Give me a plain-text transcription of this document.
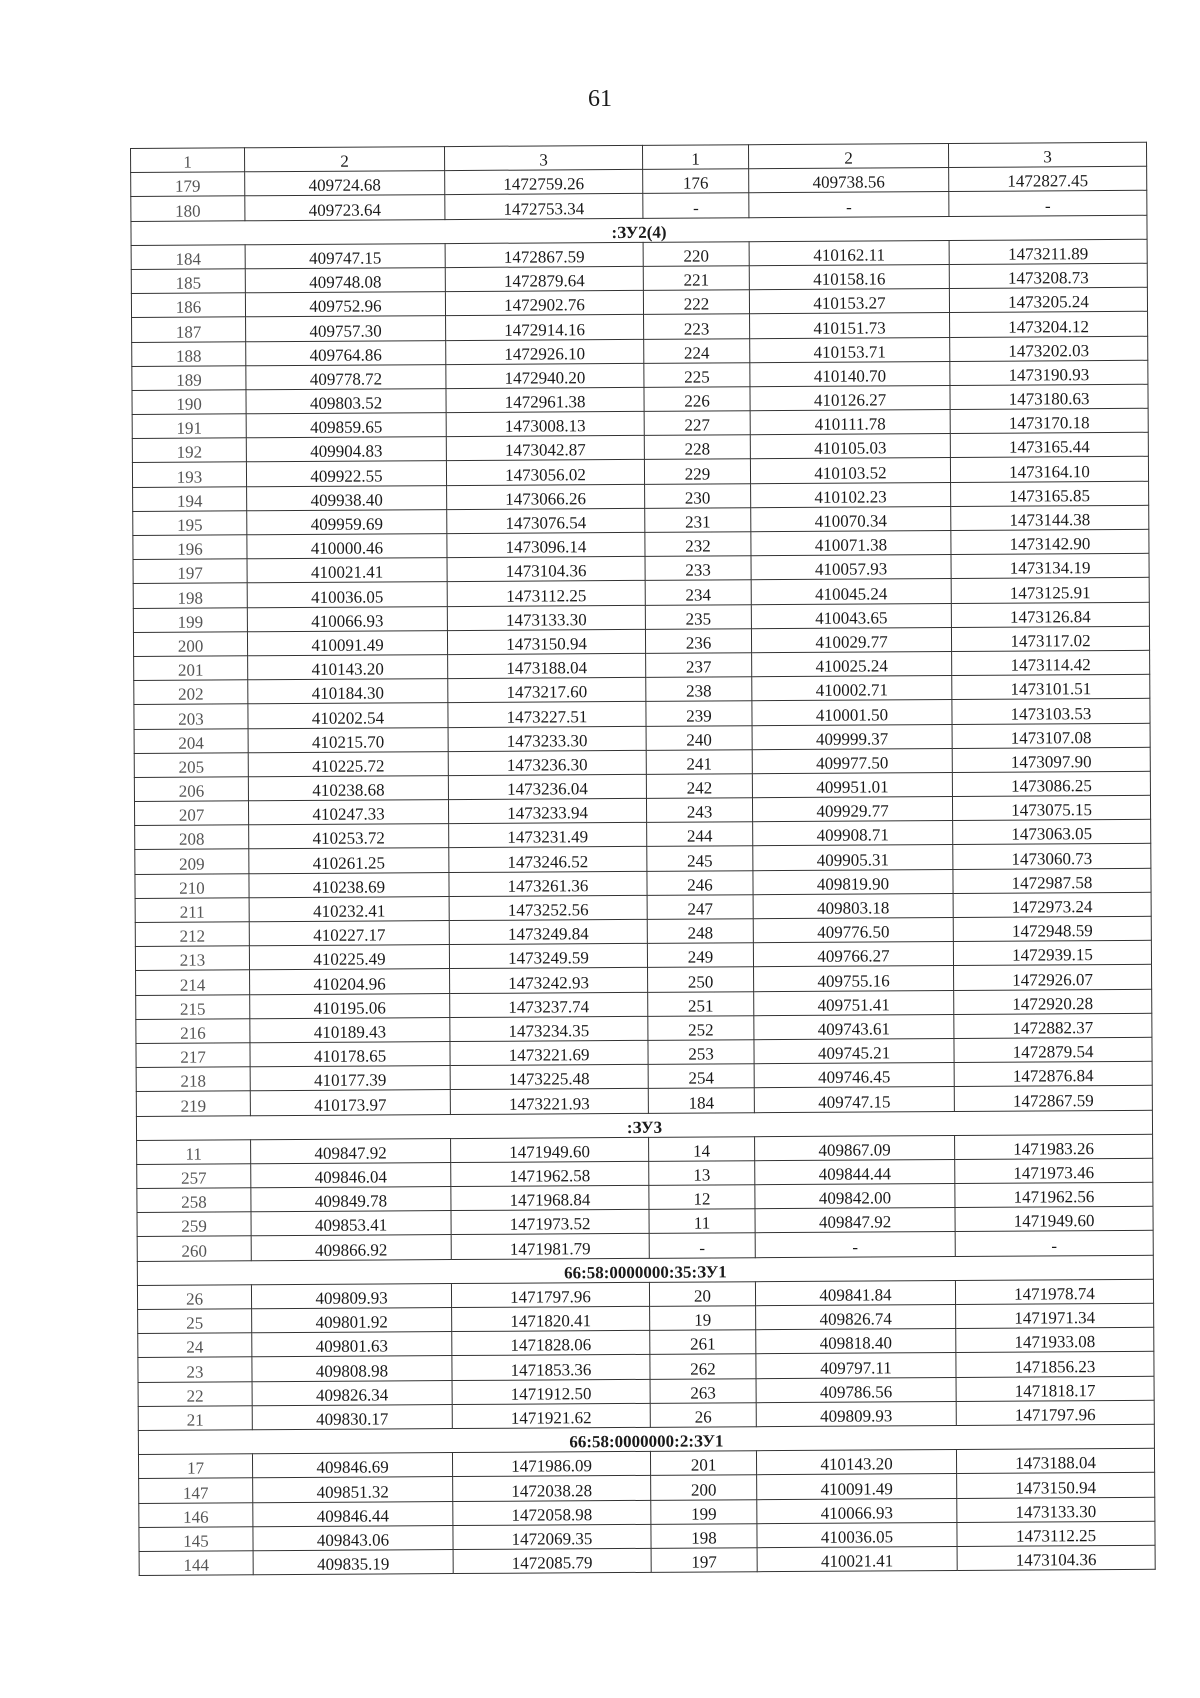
61
1	2	3	1	2	3
179	409724.68	1472759.26	176	409738.56	1472827.45
180	409723.64	1472753.34	-	-	-
:ЗУ2(4)					
184	409747.15	1472867.59	220	410162.11	1473211.89
185	409748.08	1472879.64	221	410158.16	1473208.73
186	409752.96	1472902.76	222	410153.27	1473205.24
187	409757.30	1472914.16	223	410151.73	1473204.12
188	409764.86	1472926.10	224	410153.71	1473202.03
189	409778.72	1472940.20	225	410140.70	1473190.93
190	409803.52	1472961.38	226	410126.27	1473180.63
191	409859.65	1473008.13	227	410111.78	1473170.18
192	409904.83	1473042.87	228	410105.03	1473165.44
193	409922.55	1473056.02	229	410103.52	1473164.10
194	409938.40	1473066.26	230	410102.23	1473165.85
195	409959.69	1473076.54	231	410070.34	1473144.38
196	410000.46	1473096.14	232	410071.38	1473142.90
197	410021.41	1473104.36	233	410057.93	1473134.19
198	410036.05	1473112.25	234	410045.24	1473125.91
199	410066.93	1473133.30	235	410043.65	1473126.84
200	410091.49	1473150.94	236	410029.77	1473117.02
201	410143.20	1473188.04	237	410025.24	1473114.42
202	410184.30	1473217.60	238	410002.71	1473101.51
203	410202.54	1473227.51	239	410001.50	1473103.53
204	410215.70	1473233.30	240	409999.37	1473107.08
205	410225.72	1473236.30	241	409977.50	1473097.90
206	410238.68	1473236.04	242	409951.01	1473086.25
207	410247.33	1473233.94	243	409929.77	1473075.15
208	410253.72	1473231.49	244	409908.71	1473063.05
209	410261.25	1473246.52	245	409905.31	1473060.73
210	410238.69	1473261.36	246	409819.90	1472987.58
211	410232.41	1473252.56	247	409803.18	1472973.24
212	410227.17	1473249.84	248	409776.50	1472948.59
213	410225.49	1473249.59	249	409766.27	1472939.15
214	410204.96	1473242.93	250	409755.16	1472926.07
215	410195.06	1473237.74	251	409751.41	1472920.28
216	410189.43	1473234.35	252	409743.61	1472882.37
217	410178.65	1473221.69	253	409745.21	1472879.54
218	410177.39	1473225.48	254	409746.45	1472876.84
219	410173.97	1473221.93	184	409747.15	1472867.59
:ЗУ3					
11	409847.92	1471949.60	14	409867.09	1471983.26
257	409846.04	1471962.58	13	409844.44	1471973.46
258	409849.78	1471968.84	12	409842.00	1471962.56
259	409853.41	1471973.52	11	409847.92	1471949.60
260	409866.92	1471981.79	-	-	-
66:58:0000000:35:ЗУ1					
26	409809.93	1471797.96	20	409841.84	1471978.74
25	409801.92	1471820.41	19	409826.74	1471971.34
24	409801.63	1471828.06	261	409818.40	1471933.08
23	409808.98	1471853.36	262	409797.11	1471856.23
22	409826.34	1471912.50	263	409786.56	1471818.17
21	409830.17	1471921.62	26	409809.93	1471797.96
66:58:0000000:2:ЗУ1					
17	409846.69	1471986.09	201	410143.20	1473188.04
147	409851.32	1472038.28	200	410091.49	1473150.94
146	409846.44	1472058.98	199	410066.93	1473133.30
145	409843.06	1472069.35	198	410036.05	1473112.25
144	409835.19	1472085.79	197	410021.41	1473104.36
